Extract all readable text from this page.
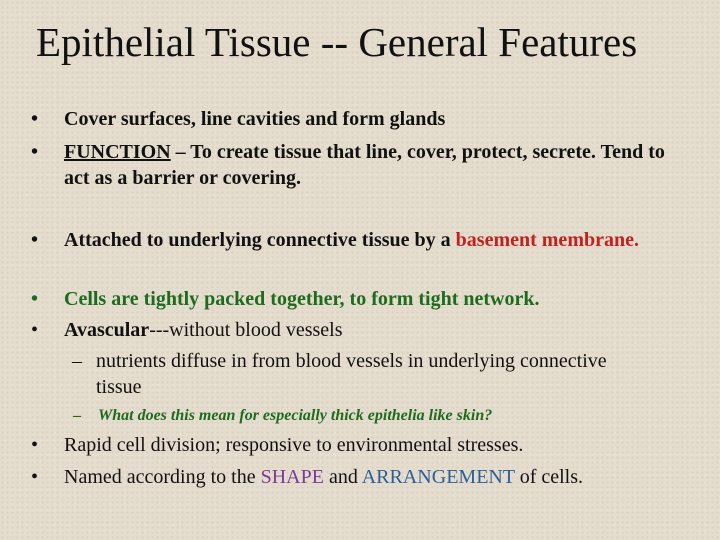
Epithelial Tissue -- General Features
• Cover surfaces, line cavities and form glands
• FUNCTION – To create tissue that line, cover, protect, secrete. Tend to act as a barrier or covering.
• Attached to underlying connective tissue by a basement membrane.
• Cells are tightly packed together, to form tight network.
• Avascular---without blood vessels
– nutrients diffuse in from blood vessels in underlying connective tissue
– What does this mean for especially thick epithelia like skin?
• Rapid cell division; responsive to environmental stresses.
• Named according to the SHAPE and ARRANGEMENT of cells.
